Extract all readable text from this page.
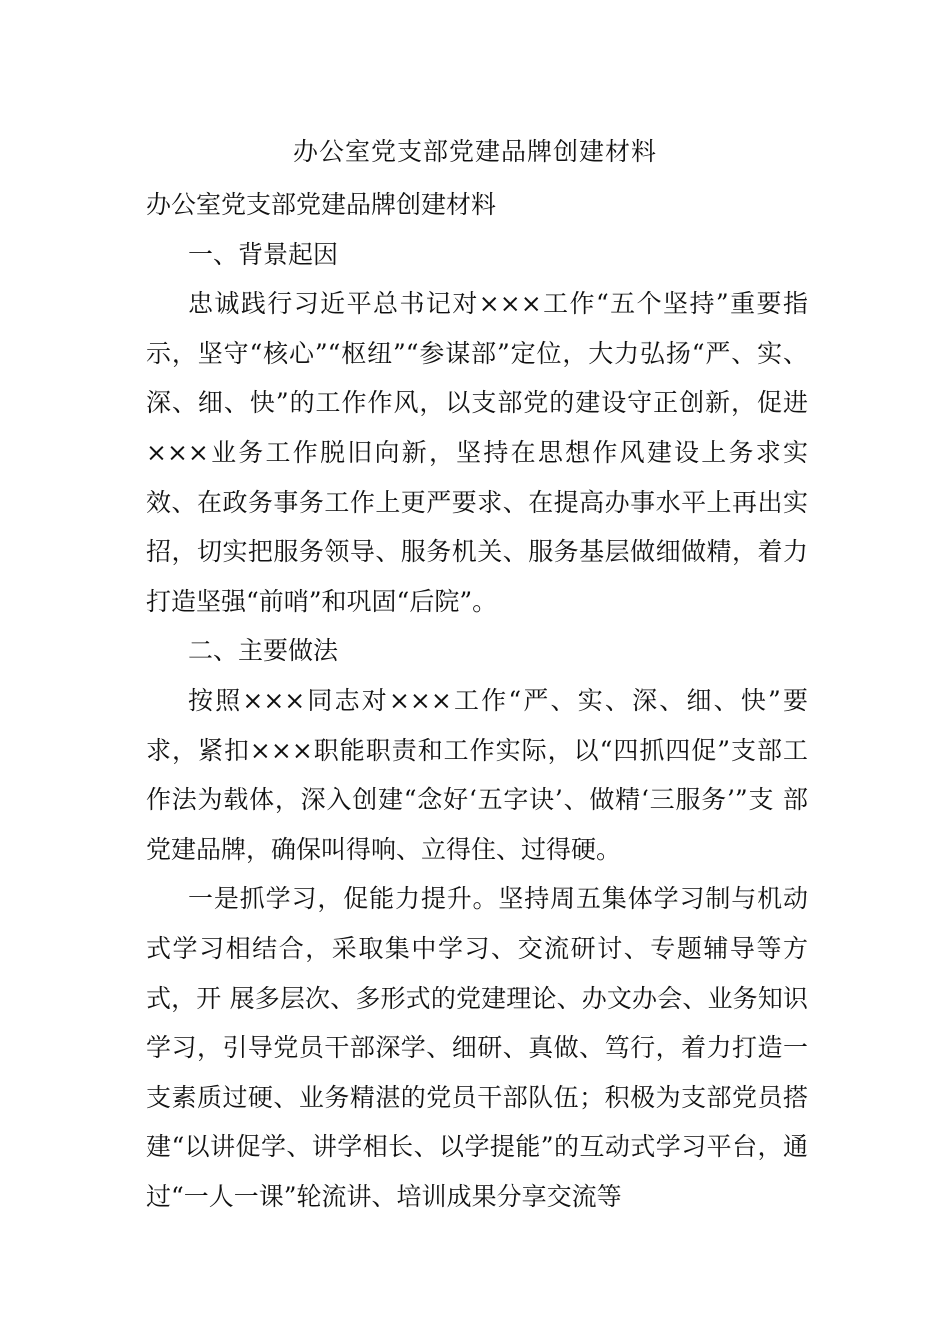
办公室党支部党建品牌创建材料

办公室党支部党建品牌创建材料

一、背景起因

忠诚践行习近平总书记对×××工作“五个坚持”重要指示，坚守“核心”“枢纽”“参谋部”定位，大力弘扬“严、实、深、细、快”的工作作风，以支部党的建设守正创新，促进×××业务工作脱旧向新，坚持在思想作风建设上务求实效、在政务事务工作上更严要求、在提高办事水平上再出实招，切实把服务领导、服务机关、服务基层做细做精，着力打造坚强“前哨”和巩固“后院”。

二、主要做法

按照×××同志对×××工作“严、实、深、细、快”要求，紧扣×××职能职责和工作实际，以“四抓四促”支部工作法为载体，深入创建“念好‘五字诀’、做精‘三服务’”支 部党建品牌，确保叫得响、立得住、过得硬。

一是抓学习，促能力提升。坚持周五集体学习制与机动式学习相结合，采取集中学习、交流研讨、专题辅导等方式，开 展多层次、多形式的党建理论、办文办会、业务知识学习，引导党员干部深学、细研、真做、笃行，着力打造一支素质过硬、业务精湛的党员干部队伍；积极为支部党员搭建“以讲促学、讲学相长、以学提能”的互动式学习平台，通过“一人一课”轮流讲、培训成果分享交流等
